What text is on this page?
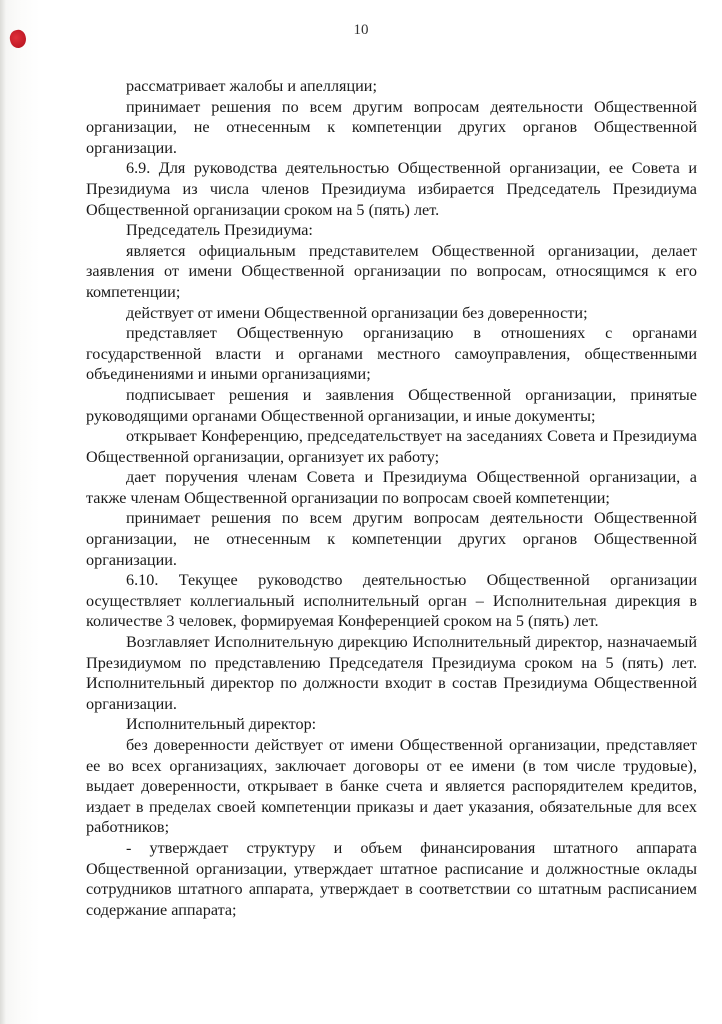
10

рассматривает жалобы и апелляции;

принимает решения по всем другим вопросам деятельности Общественной организации, не отнесенным к компетенции других органов Общественной организации.

6.9. Для руководства деятельностью Общественной организации, ее Совета и Президиума из числа членов Президиума избирается Председатель Президиума Общественной организации сроком на 5 (пять) лет.

Председатель Президиума:

является официальным представителем Общественной организации, делает заявления от имени Общественной организации по вопросам, относящимся к его компетенции;

действует от имени Общественной организации без доверенности;

представляет Общественную организацию в отношениях с органами государственной власти и органами местного самоуправления, общественными объединениями и иными организациями;

подписывает решения и заявления Общественной организации, принятые руководящими органами Общественной организации, и иные документы;

открывает Конференцию, председательствует на заседаниях Совета и Президиума Общественной организации, организует их работу;

дает поручения членам Совета и Президиума Общественной организации, а также членам Общественной организации по вопросам своей компетенции;

принимает решения по всем другим вопросам деятельности Общественной организации, не отнесенным к компетенции других органов Общественной организации.

6.10. Текущее руководство деятельностью Общественной организации осуществляет коллегиальный исполнительный орган – Исполнительная дирекция в количестве 3 человек, формируемая Конференцией сроком на 5 (пять) лет.

Возглавляет Исполнительную дирекцию Исполнительный директор, назначаемый Президиумом по представлению Председателя Президиума сроком на 5 (пять) лет. Исполнительный директор по должности входит в состав Президиума Общественной организации.

Исполнительный директор:

без доверенности действует от имени Общественной организации, представляет ее во всех организациях, заключает договоры от ее имени (в том числе трудовые), выдает доверенности, открывает в банке счета и является распорядителем кредитов, издает в пределах своей компетенции приказы и дает указания, обязательные для всех работников;

- утверждает структуру и объем финансирования штатного аппарата Общественной организации, утверждает штатное расписание и должностные оклады сотрудников штатного аппарата, утверждает в соответствии со штатным расписанием содержание аппарата;
